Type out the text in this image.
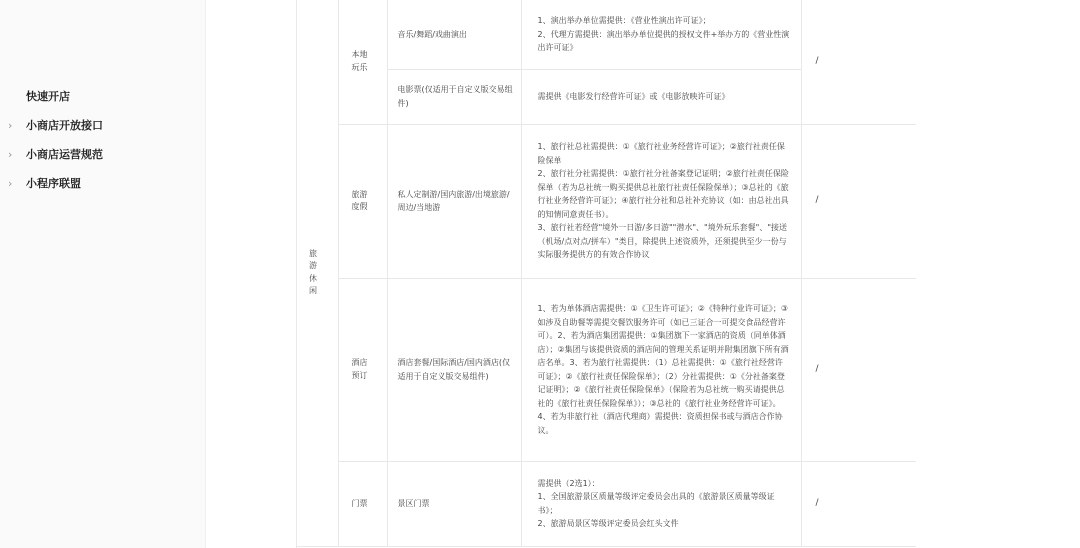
快速开店
› 小商店开放接口
› 小商店运营规范
› 小程序联盟
旅游休闲	本地玩乐	音乐/舞蹈/戏曲演出	1、演出举办单位需提供：《营业性演出许可证》；
2、代理方需提供：演出举办单位提供的授权文件+举办方的《营业性演出许可证》	/
		电影票(仅适用于自定义版交易组件)	需提供《电影发行经营许可证》或《电影放映许可证》	

	旅游度假	私人定制游/国内旅游/出境旅游/周边/当地游	1、旅行社总社需提供：①《旅行社业务经营许可证》；②旅行社责任保险保单
2、旅行社分社需提供：①旅行社分社备案登记证明；②旅行社责任保险保单（若为总社统一购买提供总社旅行社责任保险保单）；③总社的《旅行社业务经营许可证》；④旅行社分社和总社补充协议（如：由总社出具的知情同意责任书）。
3、旅行社若经营"境外一日游/多日游""潜水"、"境外玩乐套餐"、"接送（机场/点对点/拼车）"类目，除提供上述资质外，还须提供至少一份与实际服务提供方的有效合作协议	/

	酒店预订	酒店套餐/国际酒店/国内酒店(仅适用于自定义版交易组件)	1、若为单体酒店需提供：①《卫生许可证》；②《特种行业许可证》；③如涉及自助餐等需提交餐饮服务许可（如已三证合一可提交食品经营许可）。2、若为酒店集团需提供：①集团旗下一家酒店的资质（同单体酒店）；②集团与该提供资质的酒店间的管理关系证明并附集团旗下所有酒店名单。3、若为旅行社需提供：（1）总社需提供：①《旅行社经营许可证》；②《旅行社责任保险保单》；（2）分社需提供：①《分社备案登记证明》；②《旅行社责任保险保单》（保险若为总社统一购买请提供总社的《旅行社责任保险保单》）；③总社的《旅行社业务经营许可证》。4、若为非旅行社（酒店代理商）需提供：资质担保书或与酒店合作协议。	/
	门票	景区门票	需提供（2选1）：
1、全国旅游景区质量等级评定委员会出具的《旅游景区质量等级证书》；
2、旅游局景区等级评定委员会红头文件	/
